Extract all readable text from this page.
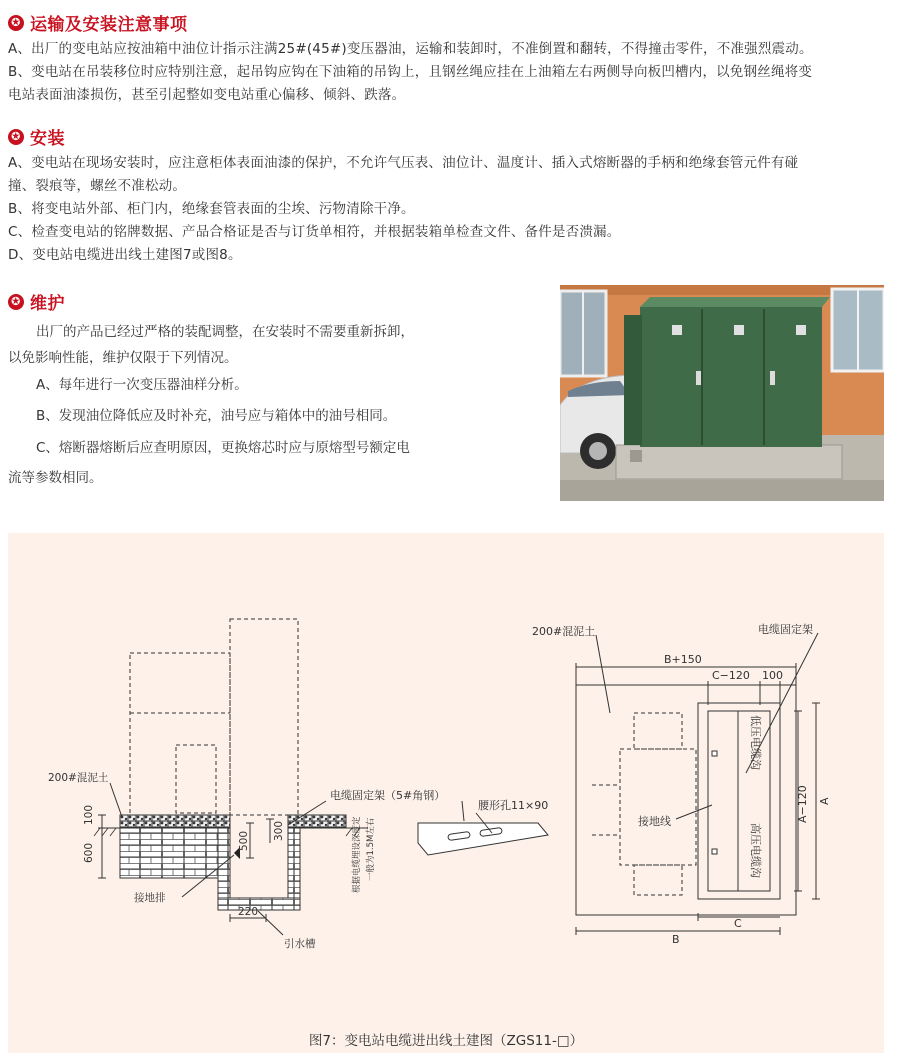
✪ 运输及安装注意事项

A、出厂的变电站应按油箱中油位计指示注满25#(45#)变压器油，运输和装卸时，不准倒置和翻转，不得撞击零件，不准强烈震动。

B、变电站在吊装移位时应特别注意，起吊钩应钩在下油箱的吊钩上，且钢丝绳应挂在上油箱左右两侧导向板凹槽内，以免钢丝绳将变

电站表面油漆损伤，甚至引起整如变电站重心偏移、倾斜、跌落。

✪ 安装

A、变电站在现场安装时，应注意柜体表面油漆的保护，不允许气压表、油位计、温度计、插入式熔断器的手柄和绝缘套管元件有碰

撞、裂痕等，螺丝不准松动。

B、将变电站外部、柜门内，绝缘套管表面的尘埃、污物清除干净。

C、检查变电站的铭牌数据、产品合格证是否与订货单相符，并根据装箱单检查文件、备件是否溃漏。

D、变电站电缆进出线土建图7或图8。

✪ 维护

出厂的产品已经过严格的装配调整，在安装时不需要重新拆卸，

以免影响性能，维护仅限于下列情况。

A、每年进行一次变压器油样分析。

B、发现油位降低应及时补充，油号应与箱体中的油号相同。

C、熔断器熔断后应查明原因，更换熔芯时应与原熔型号额定电

流等参数相同。

200#混泥土
100
600
500 300
220
接地排
引水槽
电缆固定架（5#角钢）
腰形孔11×90
根据电缆埋设深度定 一般为1.5M左右
200#混泥土	电缆固定架
B+150
C−120 100
A−120 A
B
C
低压电缆沟
高压电缆沟
接地线
图7：变电站电缆进出线土建图（ZGS11-□）
